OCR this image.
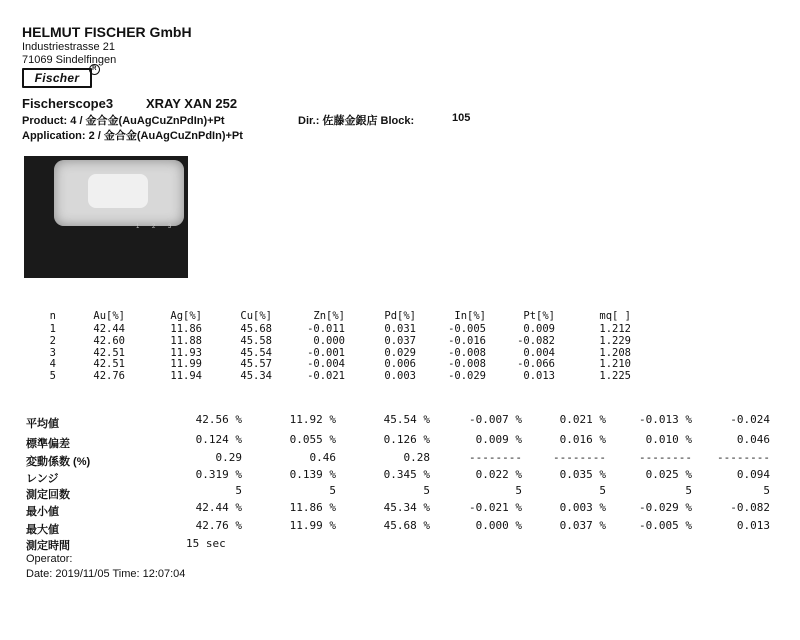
HELMUT FISCHER GmbH
Industriestrasse 21
71069 Sindelfingen
Fischer
R
Fischerscope3	XRAY XAN 252
Product: 4 / 金合金(AuAgCuZnPdIn)+Pt	Dir.: 佐藤金銀店 Block:	105
Application: 2 / 金合金(AuAgCuZnPdIn)+Pt
1 2 3
n	Au[%]	Ag[%]	Cu[%]	Zn[%]	Pd[%]	In[%]	Pt[%]	mq[ ]
1	42.44	11.86	45.68	-0.011	0.031	-0.005	0.009	1.212
2	42.60	11.88	45.58	0.000	0.037	-0.016	-0.082	1.229
3	42.51	11.93	45.54	-0.001	0.029	-0.008	0.004	1.208
4	42.51	11.99	45.57	-0.004	0.006	-0.008	-0.066	1.210
5	42.76	11.94	45.34	-0.021	0.003	-0.029	0.013	1.225
平均値	42.56 %	11.92 %	45.54 %	-0.007 %	0.021 %	-0.013 %	-0.024
標準偏差	0.124 %	0.055 %	0.126 %	0.009 %	0.016 %	0.010 %	0.046
変動係数 (%)	0.29	0.46	0.28	--------	--------	-------- --------
レンジ	0.319 %	0.139 %	0.345 %	0.022 %	0.035 %	0.025 %	0.094
測定回数	5	5	5	5	5	5	5
最小値	42.44 %	11.86 %	45.34 %	-0.021 %	0.003 %	-0.029 %	-0.082
最大値	42.76 %	11.99 %	45.68 %	0.000 %	0.037 %	-0.005 %	0.013
測定時間	15 sec
Operator:
Date: 2019/11/05 Time: 12:07:04
